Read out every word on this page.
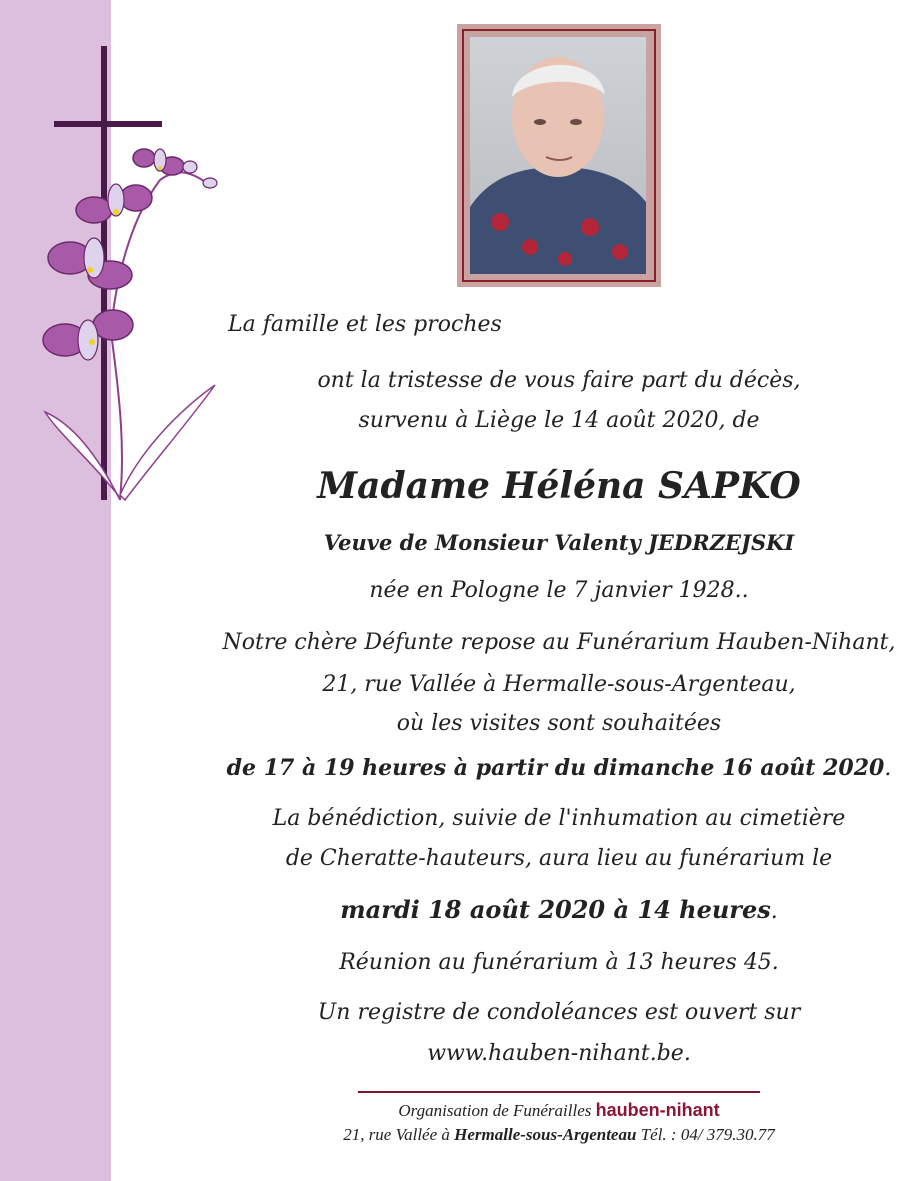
La famille et les proches
ont la tristesse de vous faire part du décès,
survenu à Liège le 14 août 2020, de
Madame Héléna SAPKO
Veuve de Monsieur Valenty JEDRZEJSKI
née en Pologne le 7 janvier 1928..
Notre chère Défunte repose au Funérarium Hauben-Nihant,
21, rue Vallée à Hermalle-sous-Argenteau,
où les visites sont souhaitées
de 17 à 19 heures à partir du dimanche 16 août 2020.
La bénédiction, suivie de l'inhumation au cimetière
de Cheratte-hauteurs, aura lieu au funérarium le
mardi 18 août 2020 à 14 heures.
Réunion au funérarium à 13 heures 45.
Un registre de condoléances est ouvert sur
www.hauben-nihant.be.
Organisation de Funérailles hauben-nihant
21, rue Vallée à Hermalle-sous-Argenteau Tél. : 04/ 379.30.77
